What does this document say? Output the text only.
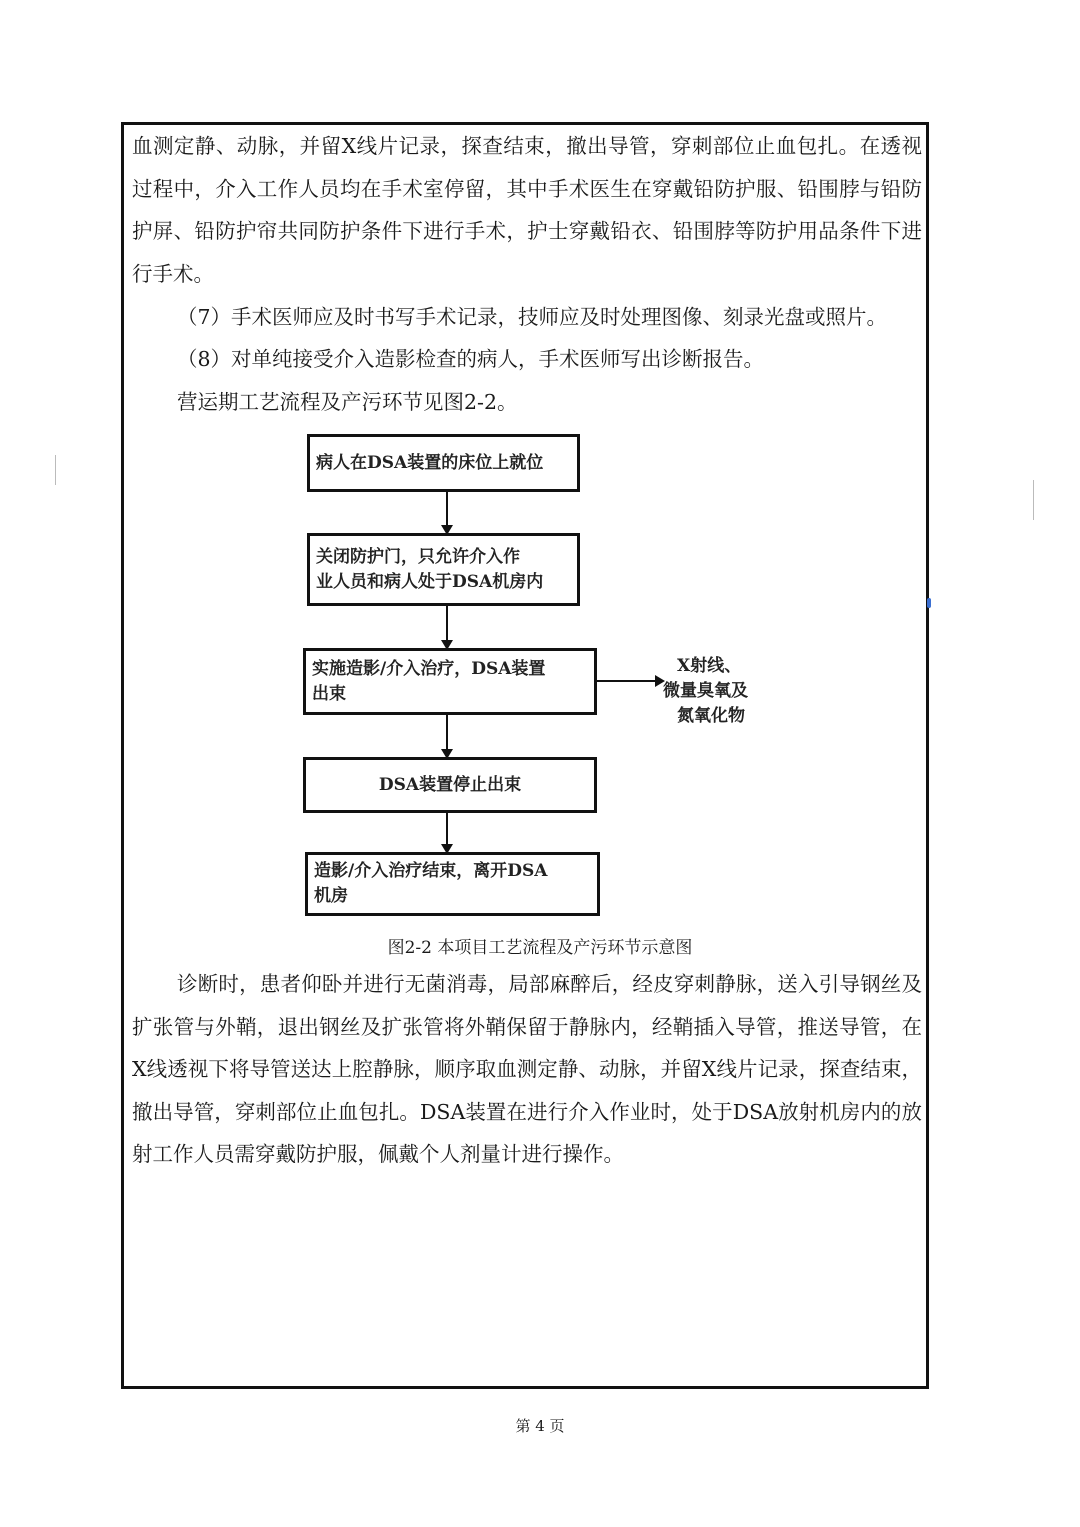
血测定静、动脉，并留X线片记录，探查结束，撤出导管，穿刺部位止血包扎。在透视过程中，介入工作人员均在手术室停留，其中手术医生在穿戴铅防护服、铅围脖与铅防护屏、铅防护帘共同防护条件下进行手术，护士穿戴铅衣、铅围脖等防护用品条件下进行手术。

（7）手术医师应及时书写手术记录，技师应及时处理图像、刻录光盘或照片。

（8）对单纯接受介入造影检查的病人，手术医师写出诊断报告。

营运期工艺流程及产污环节见图2-2。

病人在DSA装置的床位上就位
关闭防护门，只允许介入作
业人员和病人处于DSA机房内
实施造影/介入治疗，DSA装置
出束
X射线、
微量臭氧及
氮氧化物
DSA装置停止出束
造影/介入治疗结束，离开DSA
机房
图2-2 本项目工艺流程及产污环节示意图

诊断时，患者仰卧并进行无菌消毒，局部麻醉后，经皮穿刺静脉，送入引导钢丝及扩张管与外鞘，退出钢丝及扩张管将外鞘保留于静脉内，经鞘插入导管，推送导管，在X线透视下将导管送达上腔静脉，顺序取血测定静、动脉，并留X线片记录，探查结束，撤出导管，穿刺部位止血包扎。DSA装置在进行介入作业时，处于DSA放射机房内的放射工作人员需穿戴防护服，佩戴个人剂量计进行操作。

第 4 页
